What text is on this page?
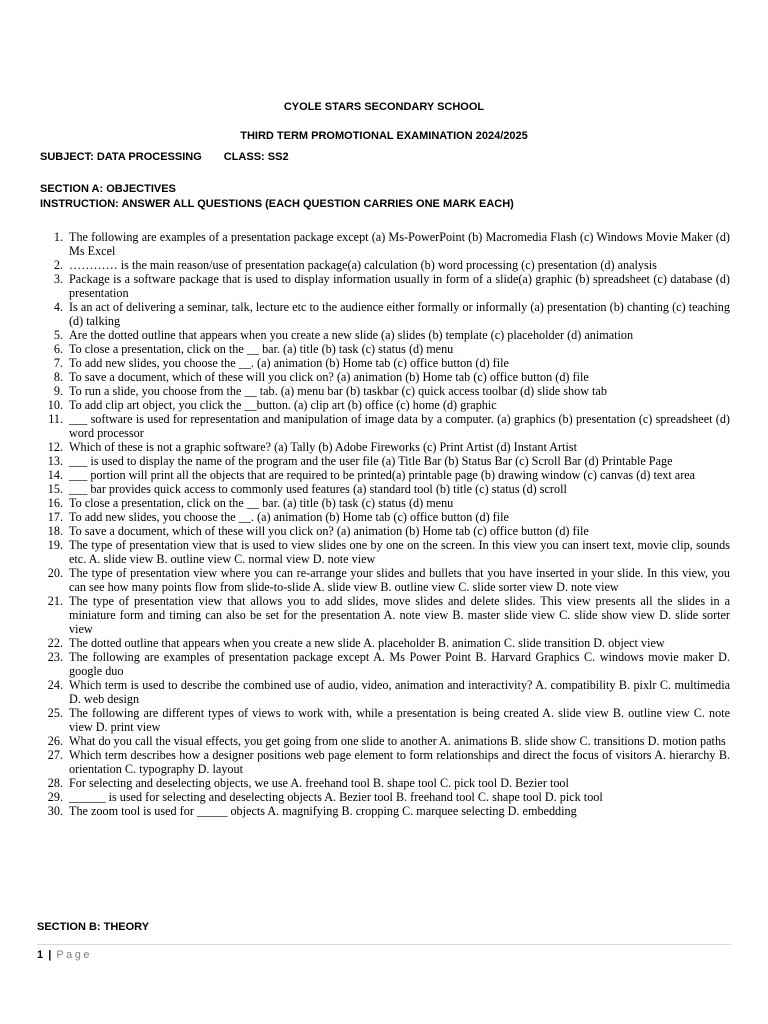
CYOLE STARS SECONDARY SCHOOL
THIRD TERM PROMOTIONAL EXAMINATION 2024/2025
SUBJECT: DATA PROCESSING CLASS: SS2
SECTION A: OBJECTIVES
INSTRUCTION: ANSWER ALL QUESTIONS (EACH QUESTION CARRIES ONE MARK EACH)
1. The following are examples of a presentation package except (a) Ms-PowerPoint (b) Macromedia Flash (c) Windows Movie Maker (d) Ms Excel
2. ………… is the main reason/use of presentation package(a) calculation (b) word processing (c) presentation (d) analysis
3. Package is a software package that is used to display information usually in form of a slide(a) graphic (b) spreadsheet (c) database (d) presentation
4. Is an act of delivering a seminar, talk, lecture etc to the audience either formally or informally (a) presentation (b) chanting (c) teaching (d) talking
5. Are the dotted outline that appears when you create a new slide (a) slides (b) template (c) placeholder (d) animation
6. To close a presentation, click on the __ bar. (a) title (b) task (c) status (d) menu
7. To add new slides, you choose the __. (a) animation (b) Home tab (c) office button (d) file
8. To save a document, which of these will you click on? (a) animation (b) Home tab (c) office button (d) file
9. To run a slide, you choose from the __ tab. (a) menu bar (b) taskbar (c) quick access toolbar (d) slide show tab
10. To add clip art object, you click the __button. (a) clip art (b) office (c) home (d) graphic
11. ___ software is used for representation and manipulation of image data by a computer. (a) graphics (b) presentation (c) spreadsheet (d) word processor
12. Which of these is not a graphic software? (a) Tally (b) Adobe Fireworks (c) Print Artist (d) Instant Artist
13. ___ is used to display the name of the program and the user file (a) Title Bar (b) Status Bar (c) Scroll Bar (d) Printable Page
14. ___ portion will print all the objects that are required to be printed(a) printable page (b) drawing window (c) canvas (d) text area
15. ___ bar provides quick access to commonly used features (a) standard tool (b) title (c) status (d) scroll
16. To close a presentation, click on the __ bar. (a) title (b) task (c) status (d) menu
17. To add new slides, you choose the __. (a) animation (b) Home tab (c) office button (d) file
18. To save a document, which of these will you click on? (a) animation (b) Home tab (c) office button (d) file
19. The type of presentation view that is used to view slides one by one on the screen. In this view you can insert text, movie clip, sounds etc. A. slide view B. outline view C. normal view D. note view
20. The type of presentation view where you can re-arrange your slides and bullets that you have inserted in your slide. In this view, you can see how many points flow from slide-to-slide A. slide view B. outline view C. slide sorter view D. note view
21. The type of presentation view that allows you to add slides, move slides and delete slides. This view presents all the slides in a miniature form and timing can also be set for the presentation A. note view B. master slide view C. slide show view D. slide sorter view
22. The dotted outline that appears when you create a new slide A. placeholder B. animation C. slide transition D. object view
23. The following are examples of presentation package except A. Ms Power Point B. Harvard Graphics C. windows movie maker D. google duo
24. Which term is used to describe the combined use of audio, video, animation and interactivity? A. compatibility B. pixlr C. multimedia D. web design
25. The following are different types of views to work with, while a presentation is being created A. slide view B. outline view C. note view D. print view
26. What do you call the visual effects, you get going from one slide to another A. animations B. slide show C. transitions D. motion paths
27. Which term describes how a designer positions web page element to form relationships and direct the focus of visitors A. hierarchy B. orientation C. typography D. layout
28. For selecting and deselecting objects, we use A. freehand tool B. shape tool C. pick tool D. Bezier tool
29. ______ is used for selecting and deselecting objects A. Bezier tool B. freehand tool C. shape tool D. pick tool
30. The zoom tool is used for _____ objects A. magnifying B. cropping C. marquee selecting D. embedding
SECTION B: THEORY
1 | Page
